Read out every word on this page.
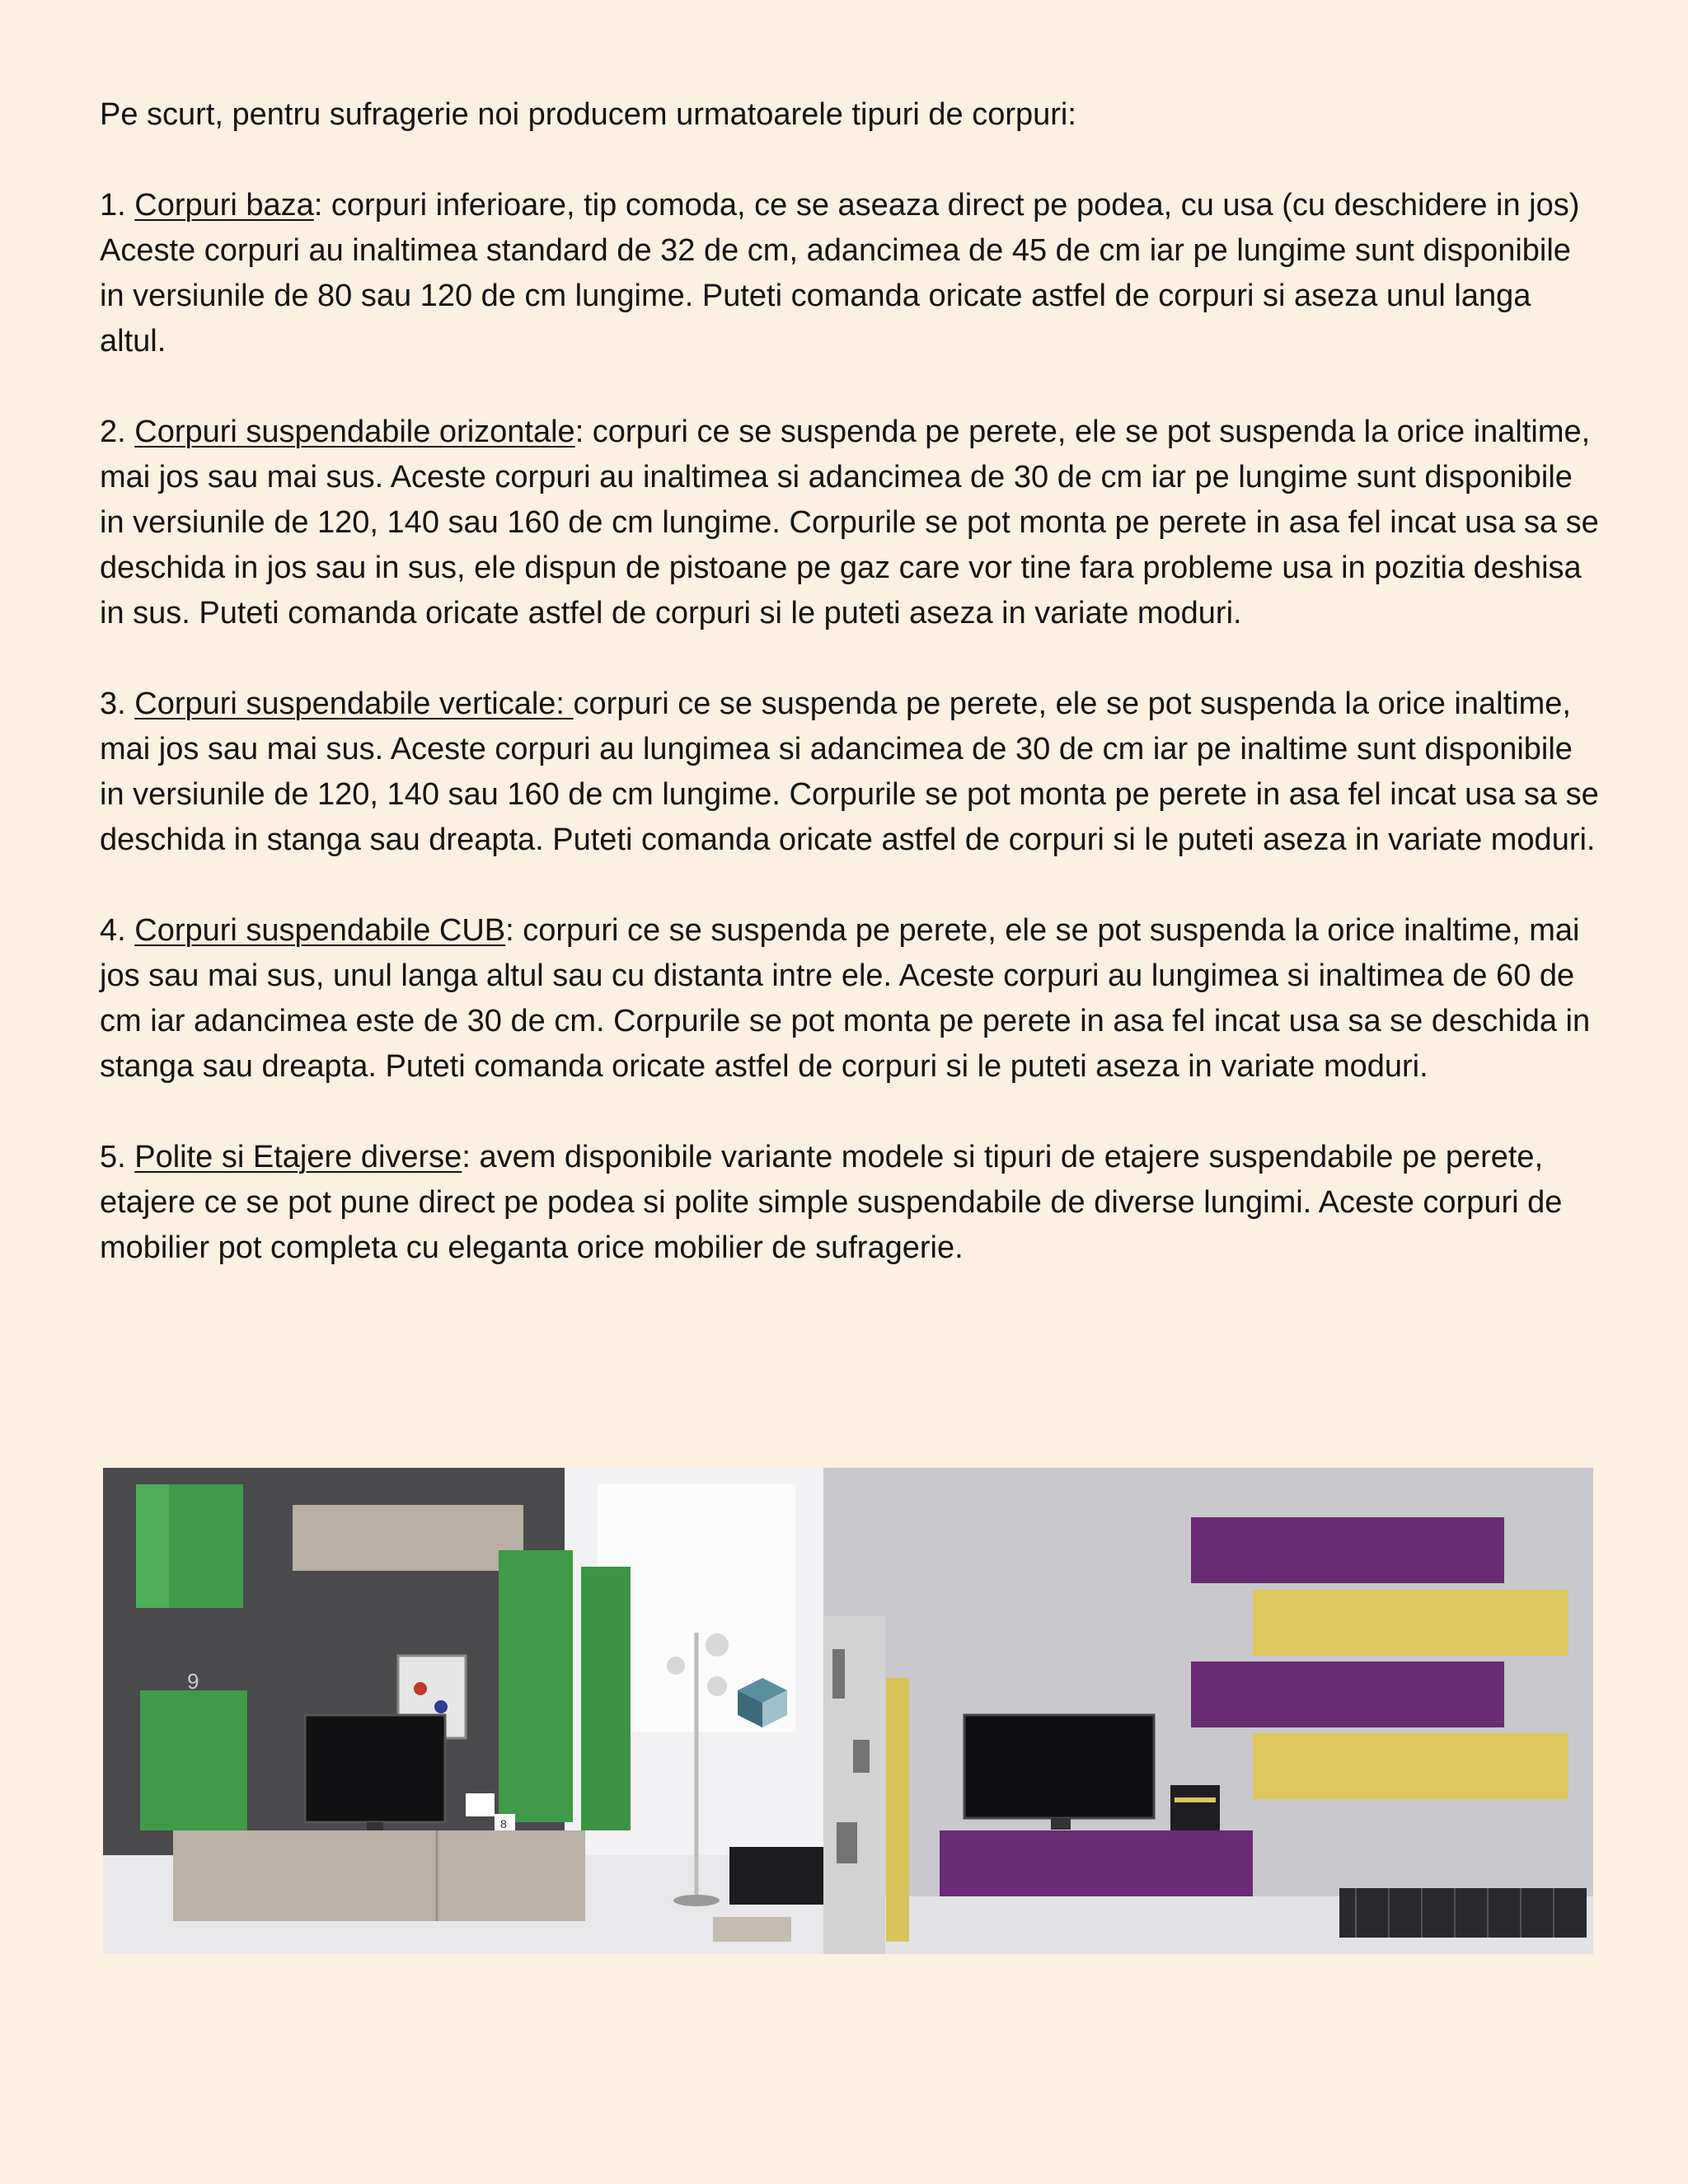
Pe scurt, pentru sufragerie noi producem urmatoarele tipuri de corpuri:

1. Corpuri baza: corpuri inferioare, tip comoda, ce se aseaza direct pe podea, cu usa (cu deschidere in jos) Aceste corpuri au inaltimea standard de 32 de cm, adancimea de 45 de cm iar pe lungime sunt disponibile in versiunile de 80 sau 120 de cm lungime. Puteti comanda oricate astfel de corpuri si aseza unul langa altul.

2. Corpuri suspendabile orizontale: corpuri ce se suspenda pe perete, ele se pot suspenda la orice inaltime, mai jos sau mai sus. Aceste corpuri au inaltimea si adancimea de 30 de cm iar pe lungime sunt disponibile in versiunile de 120, 140 sau 160 de cm lungime. Corpurile se pot monta pe perete in asa fel incat usa sa se deschida in jos sau in sus, ele dispun de pistoane pe gaz care vor tine fara probleme usa in pozitia deshisa in sus. Puteti comanda oricate astfel de corpuri si le puteti aseza in variate moduri.

3. Corpuri suspendabile verticale: corpuri ce se suspenda pe perete, ele se pot suspenda la orice inaltime, mai jos sau mai sus. Aceste corpuri au lungimea si adancimea de 30 de cm iar pe inaltime sunt disponibile in versiunile de 120, 140 sau 160 de cm lungime. Corpurile se pot monta pe perete in asa fel incat usa sa se deschida in stanga sau dreapta. Puteti comanda oricate astfel de corpuri si le puteti aseza in variate moduri.

4. Corpuri suspendabile CUB: corpuri ce se suspenda pe perete, ele se pot suspenda la orice inaltime, mai jos sau mai sus, unul langa altul sau cu distanta intre ele. Aceste corpuri au lungimea si inaltimea de 60 de cm iar adancimea este de 30 de cm. Corpurile se pot monta pe perete in asa fel incat usa sa se deschida in stanga sau dreapta. Puteti comanda oricate astfel de corpuri si le puteti aseza in variate moduri.

5. Polite si Etajere diverse: avem disponibile variante modele si tipuri de etajere suspendabile pe perete, etajere ce se pot pune direct pe podea si polite simple suspendabile de diverse lungimi. Aceste corpuri de mobilier pot completa cu eleganta orice mobilier de sufragerie.

9
8
